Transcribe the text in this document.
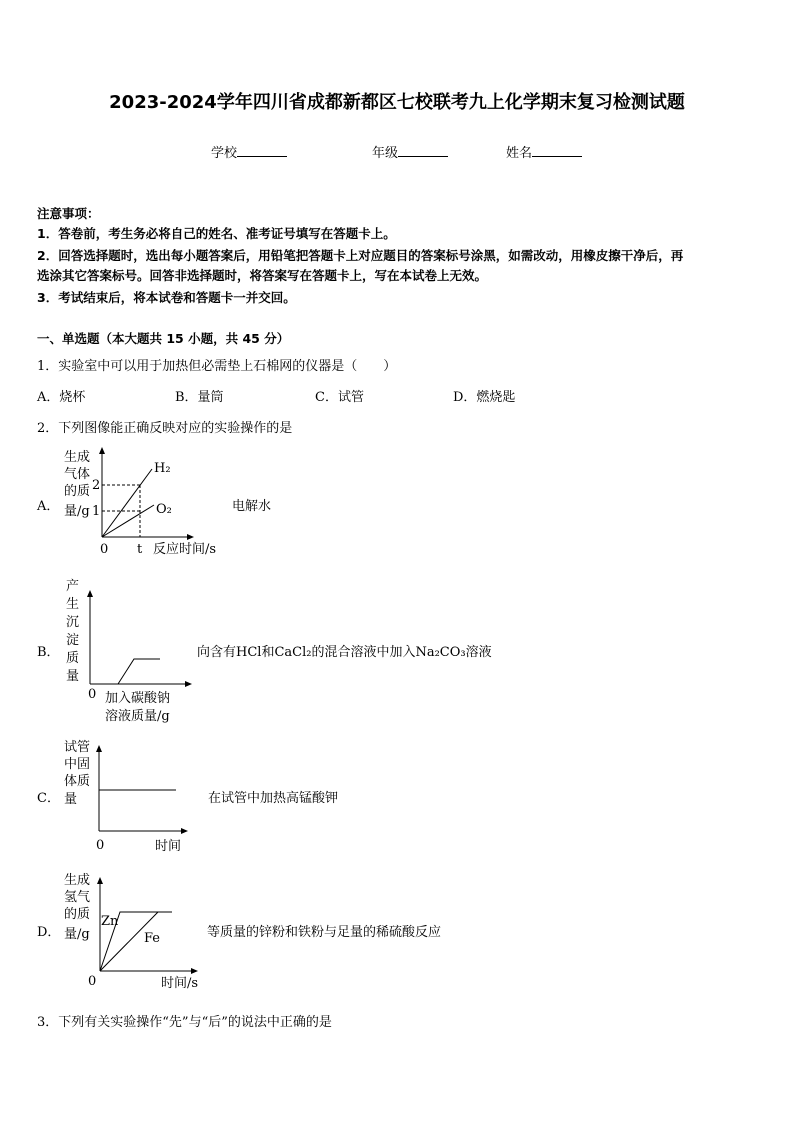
2023-2024学年四川省成都新都区七校联考九上化学期末复习检测试题
学校	年级	姓名
注意事项：
1．答卷前，考生务必将自己的姓名、准考证号填写在答题卡上。
2．回答选择题时，选出每小题答案后，用铅笔把答题卡上对应题目的答案标号涂黑，如需改动，用橡皮擦干净后，再
选涂其它答案标号。回答非选择题时，将答案写在答题卡上，写在本试卷上无效。
3．考试结束后，将本试卷和答题卡一并交回。
一、单选题（本大题共 15 小题，共 45 分）
1．实验室中可以用于加热但必需垫上石棉网的仪器是（　　）
A．烧杯	B．量筒	C．试管	D．燃烧匙
2．下列图像能正确反映对应的实验操作的是
A．
生成
气体
的质
量/g
2
1
H₂
O₂
0 t 反应时间/s
电解水
B．
产
生
沉
淀
质
量
0 加入碳酸钠
溶液质量/g
向含有HCl和CaCl₂的混合溶液中加入Na₂CO₃溶液
C．
试管
中固
体质
量
0	时间
在试管中加热高锰酸钾
D．
生成
氢气
的质
量/g
Zn
Fe
0	时间/s
等质量的锌粉和铁粉与足量的稀硫酸反应
3．下列有关实验操作“先”与“后”的说法中正确的是
